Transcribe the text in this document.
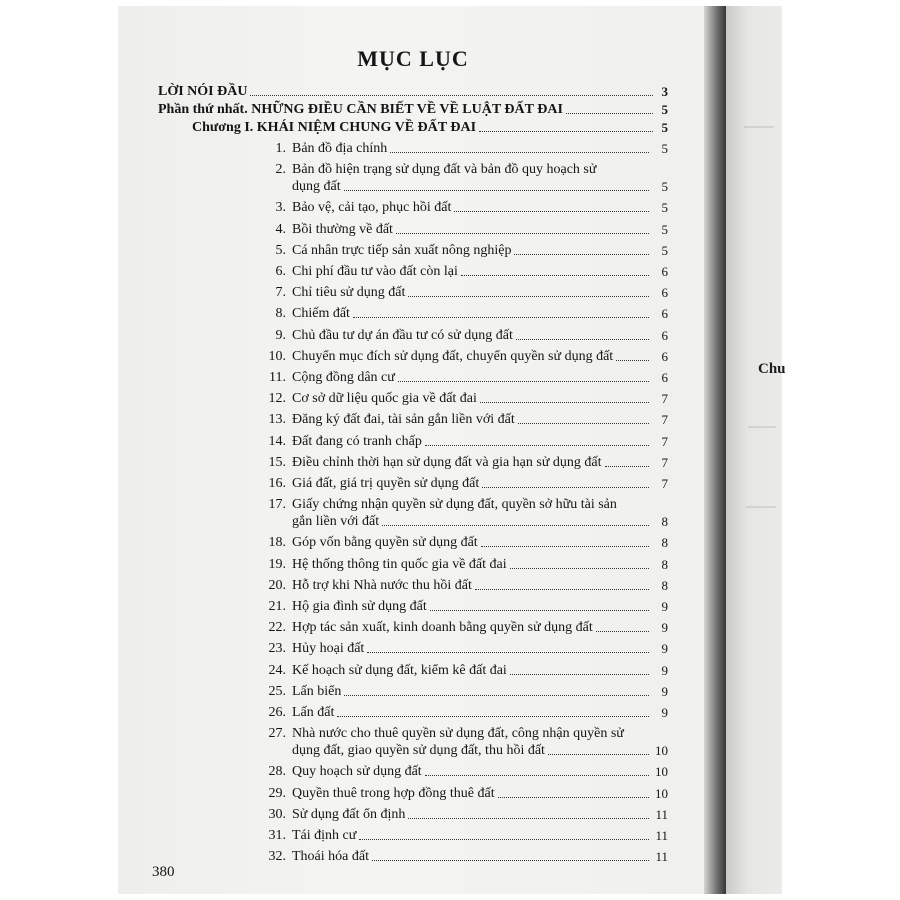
MỤC LỤC
LỜI NÓI ĐẦU	3
Phần thứ nhất. NHỮNG ĐIỀU CẦN BIẾT VỀ VỀ LUẬT ĐẤT ĐAI	5
Chương I. KHÁI NIỆM CHUNG VỀ ĐẤT ĐAI	5
380
1. Bản đồ địa chính	5
2. Bản đồ hiện trạng sử dụng đất và bản đồ quy hoạch sử
dụng đất	5
3. Bảo vệ, cải tạo, phục hồi đất	5
4. Bồi thường về đất	5
5. Cá nhân trực tiếp sản xuất nông nghiệp	5
6. Chi phí đầu tư vào đất còn lại	6
7. Chỉ tiêu sử dụng đất	6
8. Chiếm đất	6
9. Chủ đầu tư dự án đầu tư có sử dụng đất	6
10. Chuyển mục đích sử dụng đất, chuyển quyền sử dụng đất	6
11. Cộng đồng dân cư	6
12. Cơ sở dữ liệu quốc gia về đất đai	7
13. Đăng ký đất đai, tài sản gắn liền với đất	7
14. Đất đang có tranh chấp	7
15. Điều chỉnh thời hạn sử dụng đất và gia hạn sử dụng đất	7
16. Giá đất, giá trị quyền sử dụng đất	7
17. Giấy chứng nhận quyền sử dụng đất, quyền sở hữu tài sản
gắn liền với đất	8
18. Góp vốn bằng quyền sử dụng đất	8
19. Hệ thống thông tin quốc gia về đất đai	8
20. Hỗ trợ khi Nhà nước thu hồi đất	8
21. Hộ gia đình sử dụng đất	9
22. Hợp tác sản xuất, kinh doanh bằng quyền sử dụng đất	9
23. Hủy hoại đất	9
24. Kế hoạch sử dụng đất, kiểm kê đất đai	9
25. Lấn biển	9
26. Lấn đất	9
27. Nhà nước cho thuê quyền sử dụng đất, công nhận quyền sử
dụng đất, giao quyền sử dụng đất, thu hồi đất	10
28. Quy hoạch sử dụng đất	10
29. Quyền thuê trong hợp đồng thuê đất	10
30. Sử dụng đất ổn định	11
31. Tái định cư	11
32. Thoái hóa đất	11
Chu
